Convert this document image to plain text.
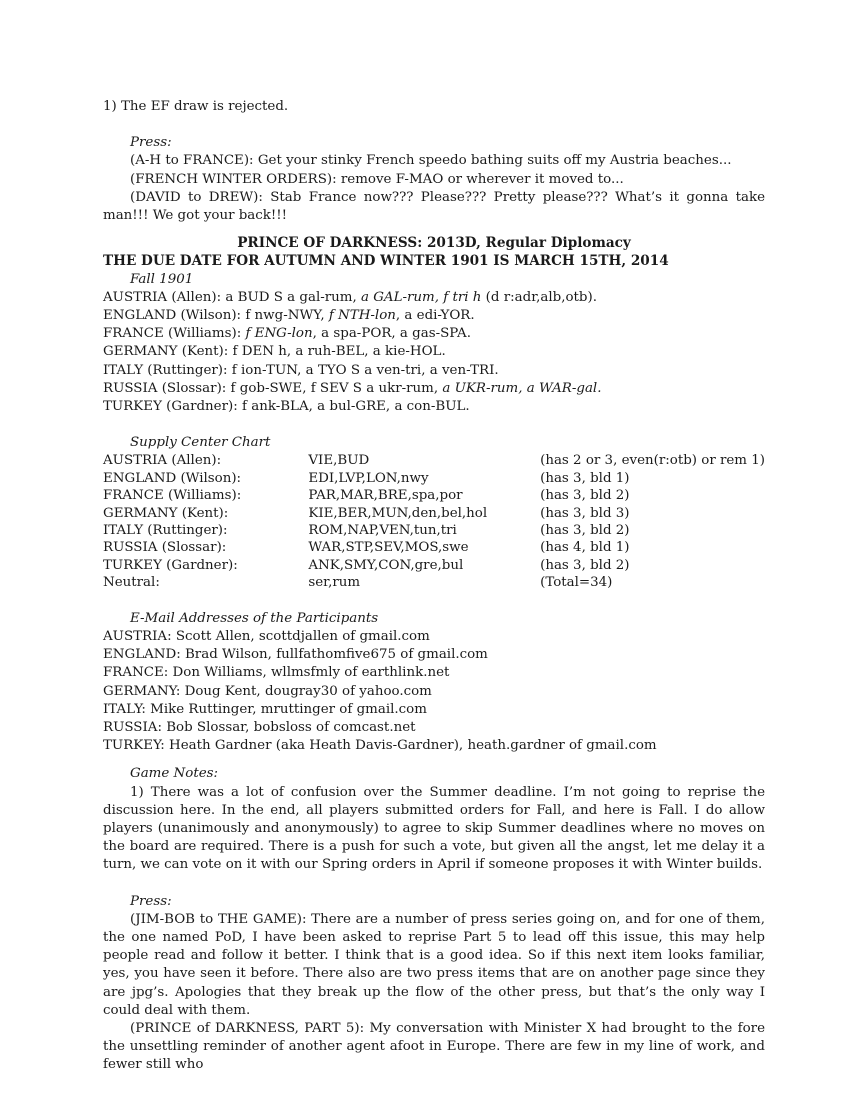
1) The EF draw is rejected.

Press:

(A-H to FRANCE): Get your stinky French speedo bathing suits off my Austria beaches...

(FRENCH WINTER ORDERS): remove F-MAO or wherever it moved to...

(DAVID to DREW): Stab France now??? Please??? Pretty please??? What’s it gonna take man!!! We got your back!!!

PRINCE OF DARKNESS: 2013D, Regular Diplomacy

THE DUE DATE FOR AUTUMN AND WINTER 1901 IS MARCH 15TH, 2014

Fall 1901

AUSTRIA (Allen): a BUD S a gal-rum, a GAL-rum, f tri h (d r:adr,alb,otb).

ENGLAND (Wilson): f nwg-NWY, f NTH-lon, a edi-YOR.

FRANCE (Williams): f ENG-lon, a spa-POR, a gas-SPA.

GERMANY (Kent): f DEN h, a ruh-BEL, a kie-HOL.

ITALY (Ruttinger): f ion-TUN, a TYO S a ven-tri, a ven-TRI.

RUSSIA (Slossar): f gob-SWE, f SEV S a ukr-rum, a UKR-rum, a WAR-gal.

TURKEY (Gardner): f ank-BLA, a bul-GRE, a con-BUL.

Supply Center Chart

AUSTRIA (Allen):	VIE,BUD	(has 2 or 3, even(r:otb) or rem 1)
ENGLAND (Wilson):	EDI,LVP,LON,nwy	(has 3, bld 1)
FRANCE (Williams):	PAR,MAR,BRE,spa,por	(has 3, bld 2)
GERMANY (Kent):	KIE,BER,MUN,den,bel,hol	(has 3, bld 3)
ITALY (Ruttinger):	ROM,NAP,VEN,tun,tri	(has 3, bld 2)
RUSSIA (Slossar):	WAR,STP,SEV,MOS,swe	(has 4, bld 1)
TURKEY (Gardner):	ANK,SMY,CON,gre,bul	(has 3, bld 2)
Neutral:	ser,rum	(Total=34)

E-Mail Addresses of the Participants

AUSTRIA: Scott Allen, scottdjallen of gmail.com

ENGLAND: Brad Wilson, fullfathomfive675 of gmail.com

FRANCE: Don Williams, wllmsfmly of earthlink.net

GERMANY: Doug Kent, dougray30 of yahoo.com

ITALY: Mike Ruttinger, mruttinger of gmail.com

RUSSIA: Bob Slossar, bobsloss of comcast.net

TURKEY: Heath Gardner (aka Heath Davis-Gardner), heath.gardner of gmail.com

Game Notes:

1) There was a lot of confusion over the Summer deadline. I’m not going to reprise the discussion here. In the end, all players submitted orders for Fall, and here is Fall. I do allow players (unanimously and anonymously) to agree to skip Summer deadlines where no moves on the board are required. There is a push for such a vote, but given all the angst, let me delay it a turn, we can vote on it with our Spring orders in April if someone proposes it with Winter builds.

Press:

(JIM-BOB to THE GAME): There are a number of press series going on, and for one of them, the one named PoD, I have been asked to reprise Part 5 to lead off this issue, this may help people read and follow it better. I think that is a good idea. So if this next item looks familiar, yes, you have seen it before. There also are two press items that are on another page since they are jpg’s. Apologies that they break up the flow of the other press, but that’s the only way I could deal with them.

(PRINCE of DARKNESS, PART 5): My conversation with Minister X had brought to the fore the unsettling reminder of another agent afoot in Europe. There are few in my line of work, and fewer still who
